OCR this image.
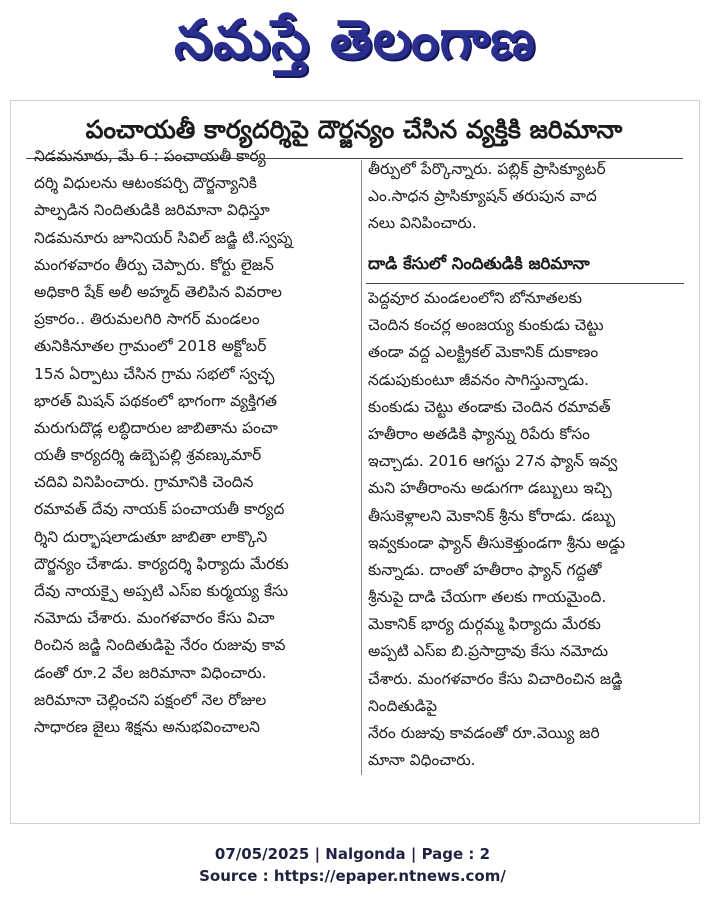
నమస్తే తెలంగాణ
పంచాయతీ కార్యదర్శిపై దౌర్జన్యం చేసిన వ్యక్తికి జరిమానా
నిడమనూరు, మే 6 : పంచాయతీ కార్య
దర్శి విధులను ఆటంకపర్చి దౌర్జన్యానికి
పాల్పడిన నిందితుడికి జరిమానా విధిస్తూ
నిడమనూరు జూనియర్ సివిల్ జడ్జి టి.స్వప్న
మంగళవారం తీర్పు చెప్పారు. కోర్టు లైజన్
అధికారి షేక్ అలీ అహ్మద్ తెలిపిన వివరాల
ప్రకారం.. తిరుమలగిరి సాగర్ మండలం
తునికినూతల గ్రామంలో 2018 అక్టోబర్
15న ఏర్పాటు చేసిన గ్రామ సభలో స్వచ్ఛ
భారత్ మిషన్ పథకంలో భాగంగా వ్యక్తిగత
మరుగుదొడ్ల లబ్ధిదారుల జాబితాను పంచా
యతీ కార్యదర్శి ఉబ్బెపల్లి శ్రవణ్కుమార్
చదివి వినిపించారు. గ్రామానికి చెందిన
రమావత్ దేవు నాయక్ పంచాయతీ కార్యద
ర్శిని దుర్భాషలాడుతూ జాబితా లాక్కొని
దౌర్జన్యం చేశాడు. కార్యదర్శి ఫిర్యాదు మేరకు
దేవు నాయక్పై అప్పటి ఎస్ఐ కుర్మయ్య కేసు
నమోదు చేశారు. మంగళవారం కేసు విచా
రించిన జడ్జి నిందితుడిపై నేరం రుజువు కావ
డంతో రూ.2 వేల జరిమానా విధించారు.
జరిమానా చెల్లించని పక్షంలో నెల రోజుల
సాధారణ జైలు శిక్షను అనుభవించాలని
తీర్పులో పేర్కొన్నారు. పబ్లిక్ ప్రాసిక్యూటర్
ఎం.సాధన ప్రాసిక్యూషన్ తరుపున వాద
నలు వినిపించారు.
దాడి కేసులో నిందితుడికి జరిమానా
పెద్దవూర మండలంలోని బోనూతలకు
చెందిన కంచర్ల అంజయ్య కుంకుడు చెట్టు
తండా వద్ద ఎలక్ట్రికల్ మెకానిక్ దుకాణం
నడుపుకుంటూ జీవనం సాగిస్తున్నాడు.
కుంకుడు చెట్టు తండాకు చెందిన రమావత్
హతీరాం అతడికి ఫ్యాన్ను రిపేరు కోసం
ఇచ్చాడు. 2016 ఆగస్టు 27న ఫ్యాన్ ఇవ్వ
మని హతీరాంను అడుగగా డబ్బులు ఇచ్చి
తీసుకెళ్లాలని మెకానిక్ శ్రీను కోరాడు. డబ్బు
ఇవ్వకుండా ఫ్యాన్ తీసుకెళ్తుండగా శ్రీను అడ్డు
కున్నాడు. దాంతో హతీరాం ఫ్యాన్ గద్దతో
శ్రీనుపై దాడి చేయగా తలకు గాయమైంది.
మెకానిక్ భార్య దుర్గమ్మ ఫిర్యాదు మేరకు
అప్పటి ఎస్ఐ బి.ప్రసాద్రావు కేసు నమోదు
చేశారు. మంగళవారం కేసు విచారించిన జడ్జి
నిందితుడిపై
నేరం రుజువు కావడంతో రూ.వెయ్యి జరి
మానా విధించారు.
07/05/2025 | Nalgonda | Page : 2
Source : https://epaper.ntnews.com/
